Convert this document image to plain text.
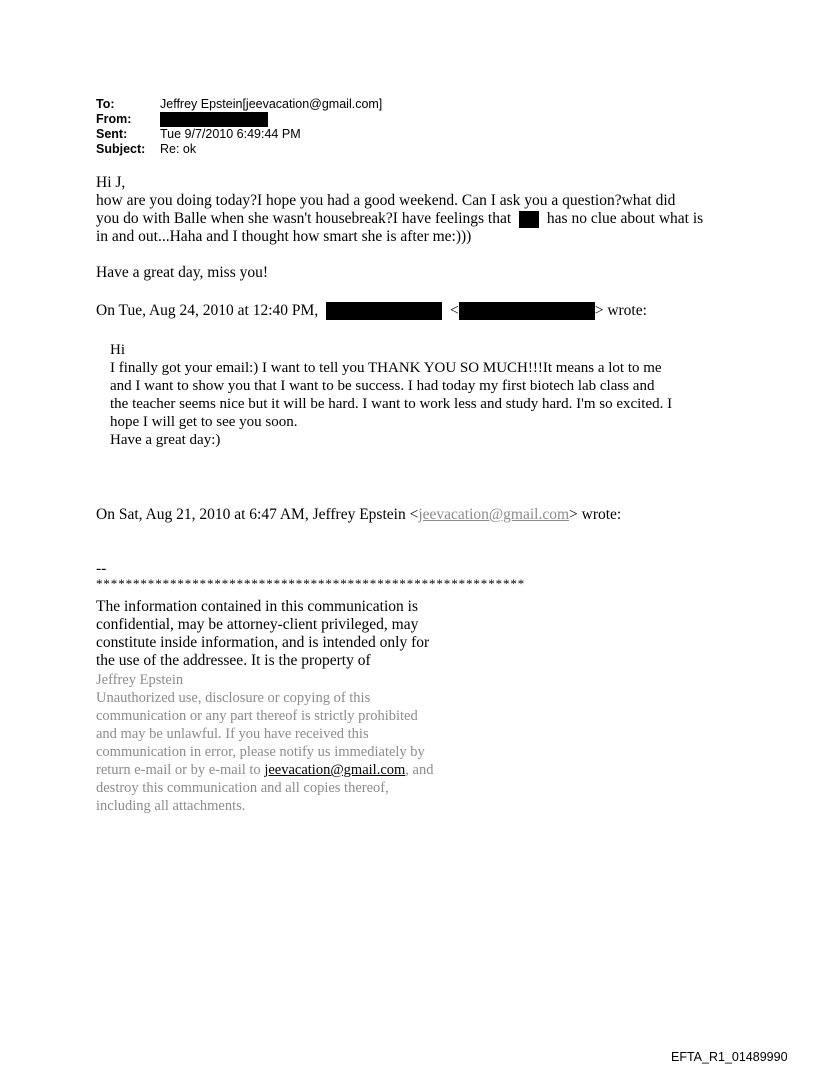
To:	Jeffrey Epstein[jeevacation@gmail.com]
From:
Sent:	Tue 9/7/2010 6:49:44 PM
Subject:	Re: ok
Hi J,
how are you doing today?I hope you had a good weekend. Can I ask you a question?what did
you do with Balle when she wasn't housebreak?I have feelings that has no clue about what is
in and out...Haha and I thought how smart she is after me:)))
Have a great day, miss you!
On Tue, Aug 24, 2010 at 12:40 PM,	<	> wrote:

Hi

I finally got your email:) I want to tell you THANK YOU SO MUCH!!!It means a lot to me

and I want to show you that I want to be success. I had today my first biotech lab class and

the teacher seems nice but it will be hard. I want to work less and study hard. I'm so excited. I

hope I will get to see you soon.

Have a great day:)

On Sat, Aug 21, 2010 at 6:47 AM, Jeffrey Epstein <jeevacation@gmail.com> wrote:
--
**********************************************************
The information contained in this communication is
confidential, may be attorney-client privileged, may
constitute inside information, and is intended only for
the use of the addressee. It is the property of
Jeffrey Epstein
Unauthorized use, disclosure or copying of this
communication or any part thereof is strictly prohibited
and may be unlawful. If you have received this
communication in error, please notify us immediately by
return e-mail or by e-mail to jeevacation@gmail.com, and
destroy this communication and all copies thereof,
including all attachments.
EFTA_R1_01489990
